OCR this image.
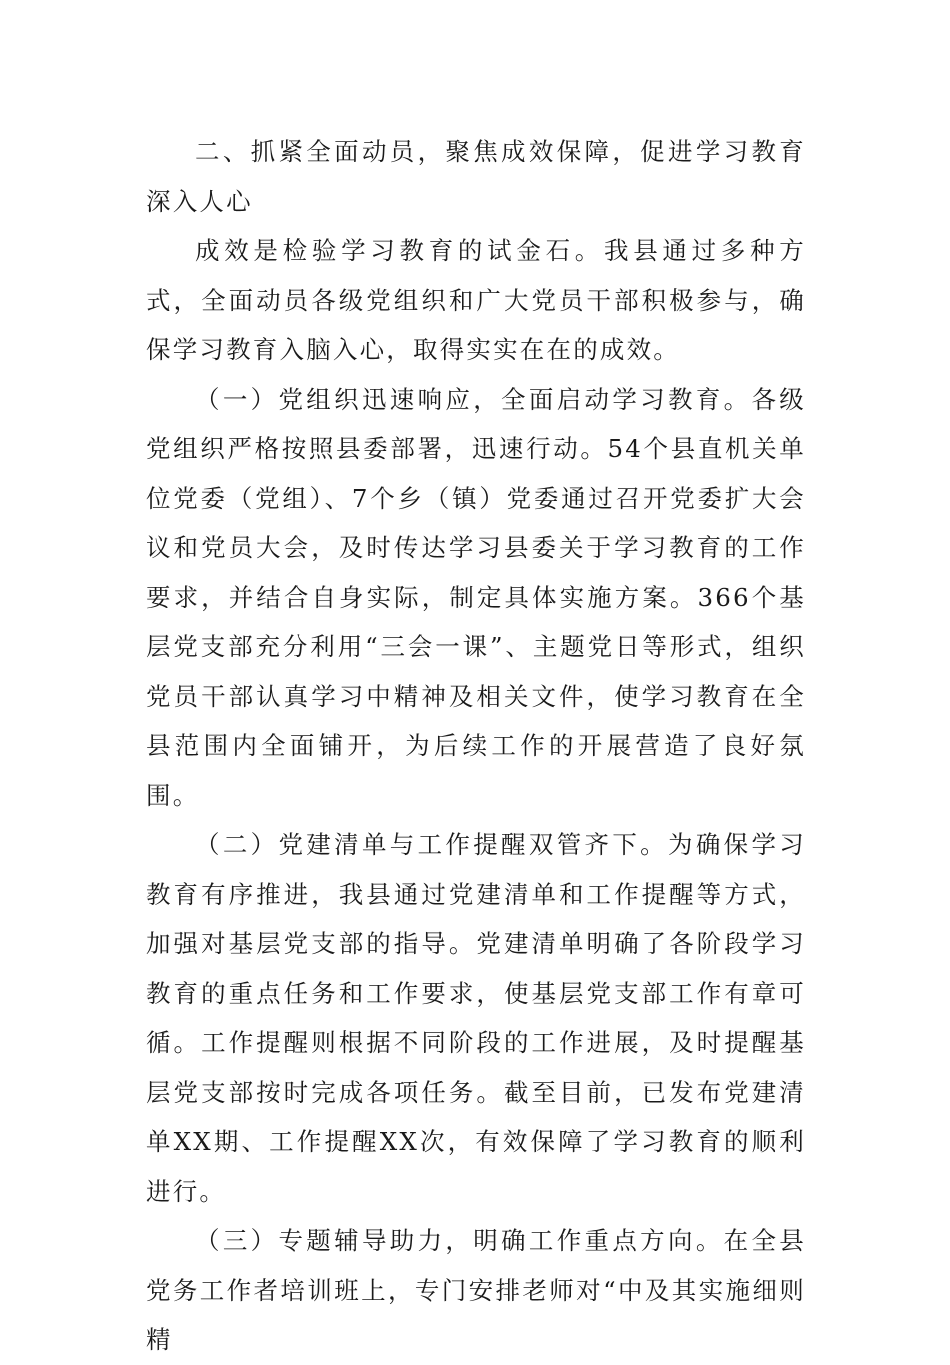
二、抓紧全面动员，聚焦成效保障，促进学习教育深入人心

成效是检验学习教育的试金石。我县通过多种方式，全面动员各级党组织和广大党员干部积极参与，确保学习教育入脑入心，取得实实在在的成效。

（一）党组织迅速响应，全面启动学习教育。各级党组织严格按照县委部署，迅速行动。54个县直机关单位党委（党组）、7个乡（镇）党委通过召开党委扩大会议和党员大会，及时传达学习县委关于学习教育的工作要求，并结合自身实际，制定具体实施方案。366个基层党支部充分利用“三会一课”、主题党日等形式，组织党员干部认真学习中精神及相关文件，使学习教育在全县范围内全面铺开，为后续工作的开展营造了良好氛围。

（二）党建清单与工作提醒双管齐下。为确保学习教育有序推进，我县通过党建清单和工作提醒等方式，加强对基层党支部的指导。党建清单明确了各阶段学习教育的重点任务和工作要求，使基层党支部工作有章可循。工作提醒则根据不同阶段的工作进展，及时提醒基层党支部按时完成各项任务。截至目前，已发布党建清单XX期、工作提醒XX次，有效保障了学习教育的顺利进行。

（三）专题辅导助力，明确工作重点方向。在全县党务工作者培训班上，专门安排老师对“中及其实施细则精
